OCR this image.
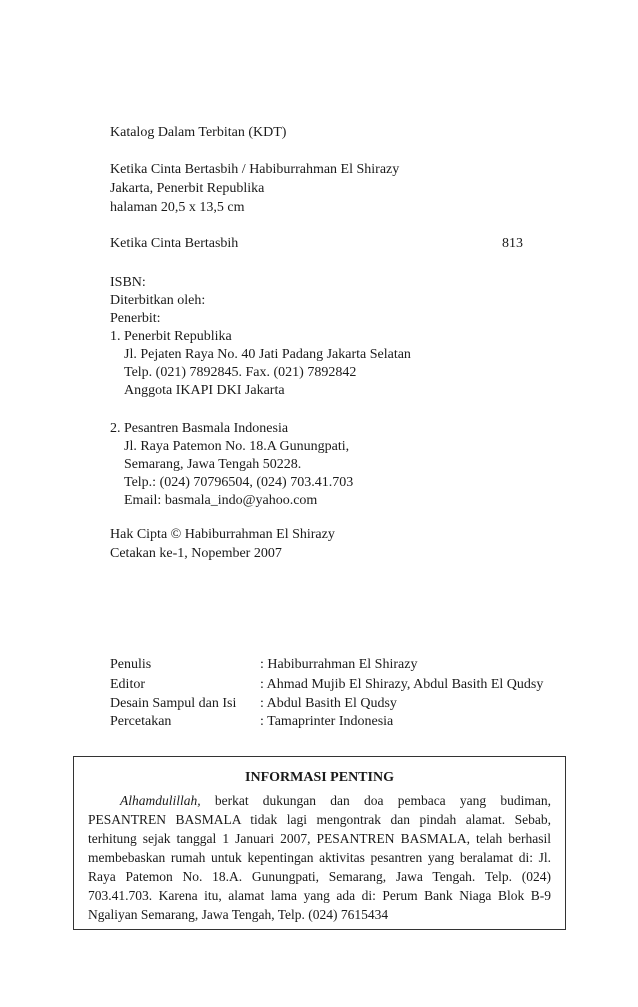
Katalog Dalam Terbitan (KDT)
Ketika Cinta Bertasbih / Habiburrahman El Shirazy
Jakarta, Penerbit Republika
halaman 20,5 x 13,5 cm
Ketika Cinta Bertasbih	813
ISBN:
Diterbitkan oleh:
Penerbit:
1. Penerbit Republika
Jl. Pejaten Raya No. 40 Jati Padang Jakarta Selatan
Telp. (021) 7892845. Fax. (021) 7892842
Anggota IKAPI DKI Jakarta
2. Pesantren Basmala Indonesia
Jl. Raya Patemon No. 18.A Gunungpati,
Semarang, Jawa Tengah 50228.
Telp.: (024) 70796504, (024) 703.41.703
Email: basmala_indo@yahoo.com
Hak Cipta © Habiburrahman El Shirazy
Cetakan ke-1, Nopember 2007
Penulis	: Habiburrahman El Shirazy
Editor	: Ahmad Mujib El Shirazy, Abdul Basith El Qudsy
Desain Sampul dan Isi : Abdul Basith El Qudsy
Percetakan	: Tamaprinter Indonesia
INFORMASI PENTING

Alhamdulillah, berkat dukungan dan doa pembaca yang budiman, PESANTREN BASMALA tidak lagi mengontrak dan pindah alamat. Sebab, terhitung sejak tanggal 1 Januari 2007, PESANTREN BASMALA, telah berhasil membebaskan rumah untuk kepentingan aktivitas pesantren yang beralamat di: Jl. Raya Patemon No. 18.A. Gunungpati, Semarang, Jawa Tengah. Telp. (024) 703.41.703. Karena itu, alamat lama yang ada di: Perum Bank Niaga Blok B-9 Ngaliyan Semarang, Jawa Tengah, Telp. (024) 7615434
